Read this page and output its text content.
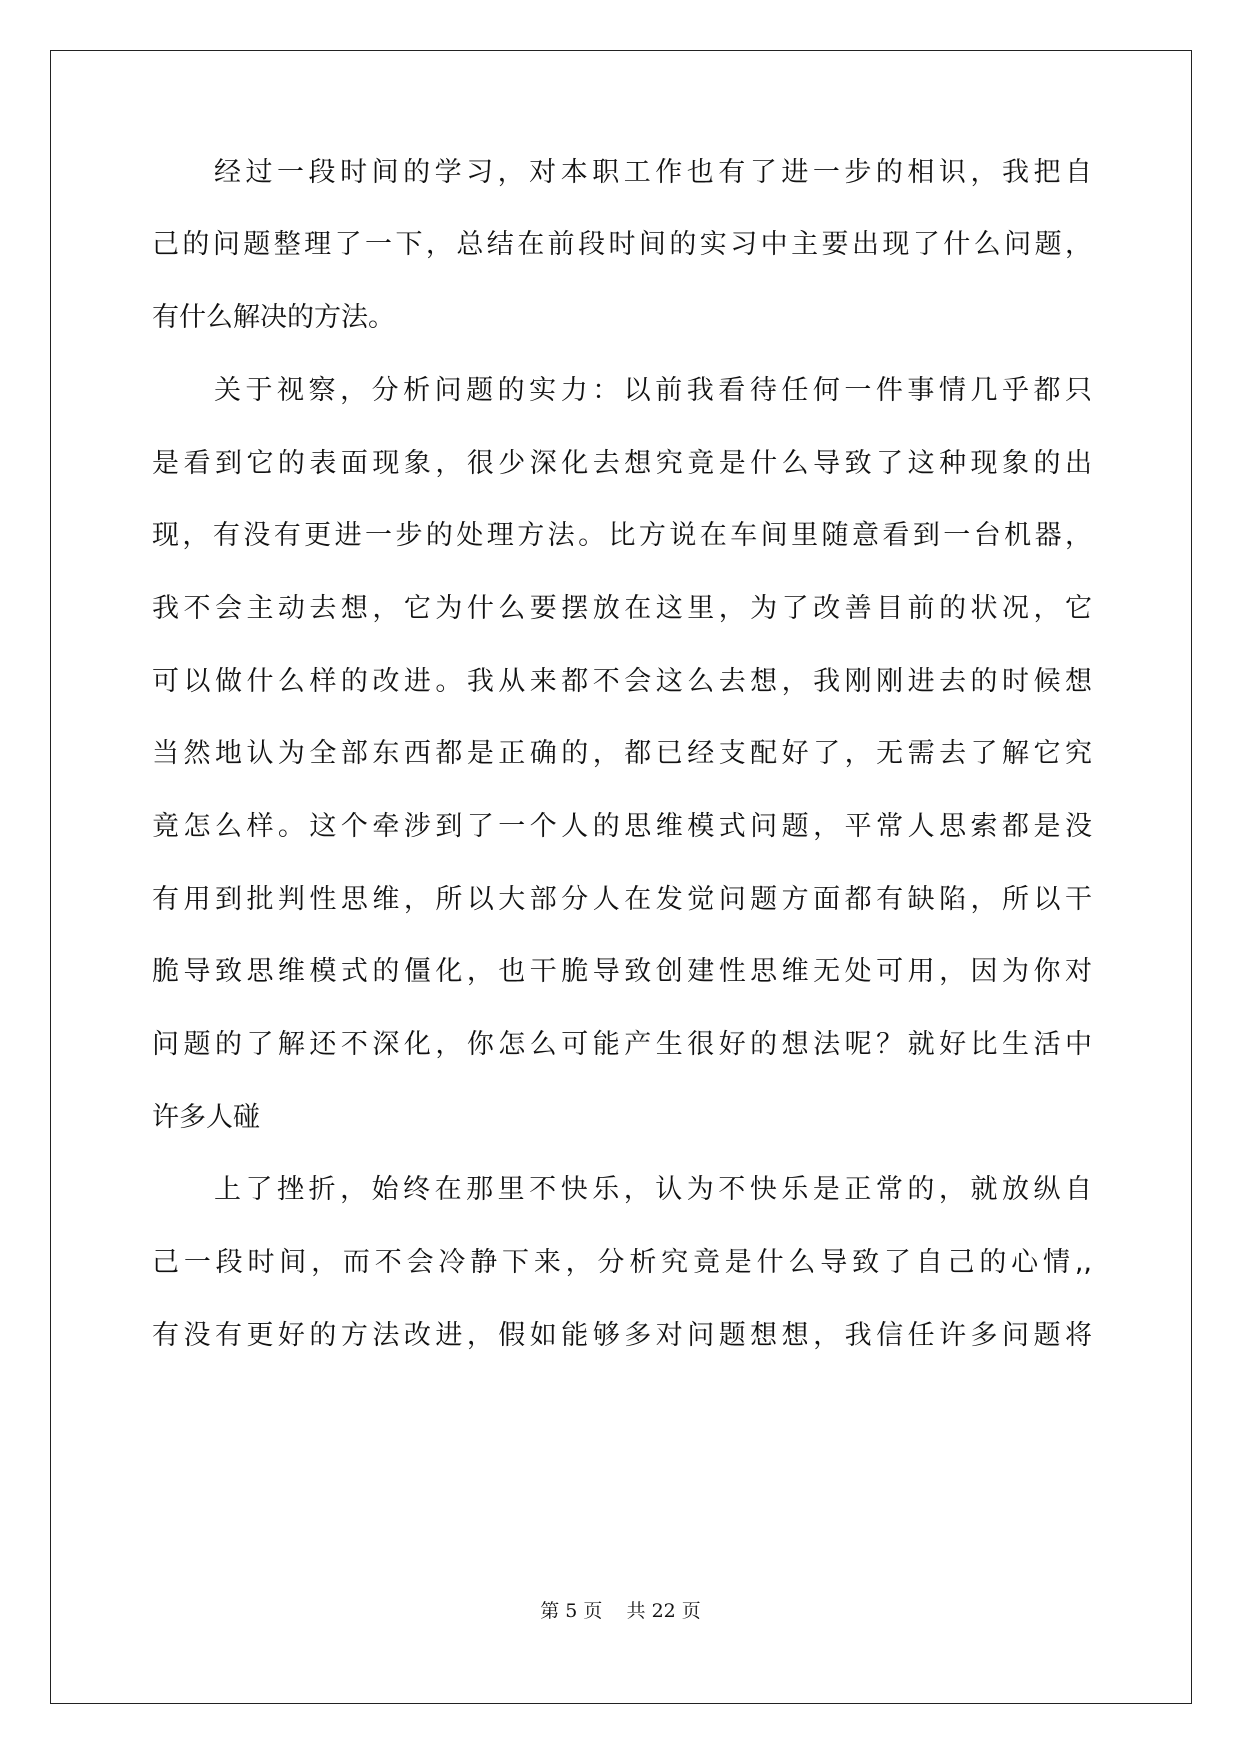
经过一段时间的学习，对本职工作也有了进一步的相识，我把自
己的问题整理了一下，总结在前段时间的实习中主要出现了什么问题，
有什么解决的方法。
关于视察，分析问题的实力：以前我看待任何一件事情几乎都只
是看到它的表面现象，很少深化去想究竟是什么导致了这种现象的出
现，有没有更进一步的处理方法。比方说在车间里随意看到一台机器，
我不会主动去想，它为什么要摆放在这里，为了改善目前的状况，它
可以做什么样的改进。我从来都不会这么去想，我刚刚进去的时候想
当然地认为全部东西都是正确的，都已经支配好了，无需去了解它究
竟怎么样。这个牵涉到了一个人的思维模式问题，平常人思索都是没
有用到批判性思维，所以大部分人在发觉问题方面都有缺陷，所以干
脆导致思维模式的僵化，也干脆导致创建性思维无处可用，因为你对
问题的了解还不深化，你怎么可能产生很好的想法呢？就好比生活中
许多人碰
上了挫折，始终在那里不快乐，认为不快乐是正常的，就放纵自
己一段时间，而不会冷静下来，分析究竟是什么导致了自己的心情,,
有没有更好的方法改进，假如能够多对问题想想，我信任许多问题将
第 5 页    共 22 页
